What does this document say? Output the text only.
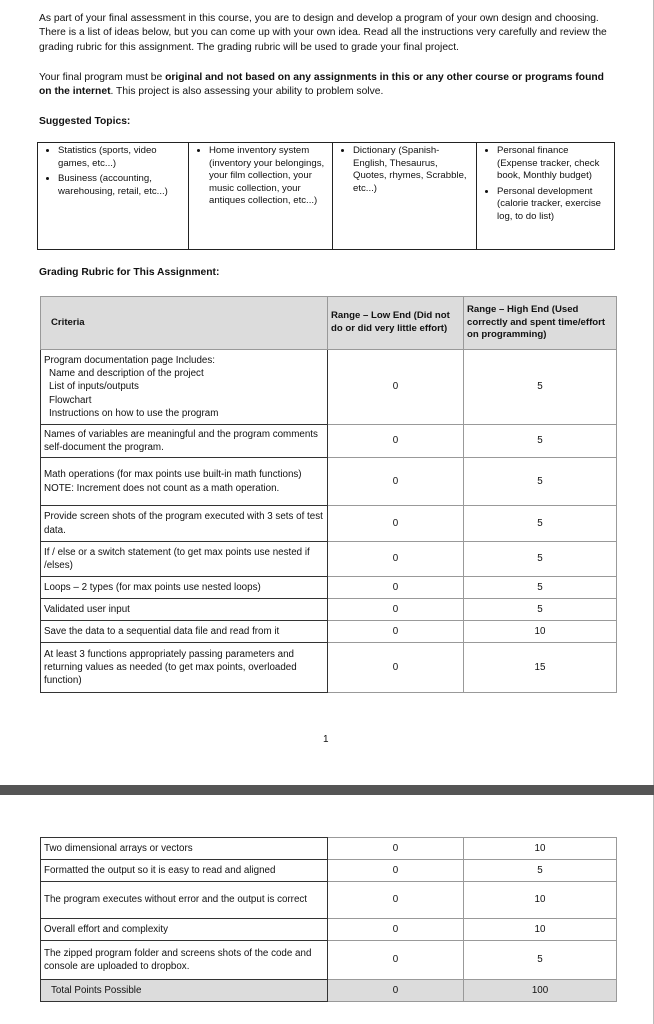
As part of your final assessment in this course, you are to design and develop a program of your own design and choosing. There is a list of ideas below, but you can come up with your own idea. Read all the instructions very carefully and review the grading rubric for this assignment. The grading rubric will be used to grade your final project.

Your final program must be original and not based on any assignments in this or any other course or programs found on the internet. This project is also assessing your ability to problem solve.

Suggested Topics:
• Statistics (sports, video games, etc...)
• Business (accounting, warehousing, retail, etc...)

• Home inventory system (inventory your belongings, your film collection, your music collection, your antiques collection, etc...)

• Dictionary (Spanish-English, Thesaurus, Quotes, rhymes, Scrabble, etc...)

• Personal finance (Expense tracker, check book, Monthly budget)
• Personal development (calorie tracker, exercise log, to do list)
Grading Rubric for This Assignment:
Criteria	Range – Low End (Did not do or did very little effort)	Range – High End (Used correctly and spent time/effort on programming)

Program documentation page Includes:
Name and description of the project
List of inputs/outputs
Flowchart
Instructions on how to use the program	0	5
Names of variables are meaningful and the program comments self-document the program.	0	5
Math operations (for max points use built-in math functions) NOTE: Increment does not count as a math operation.	0	5
Provide screen shots of the program executed with 3 sets of test data.	0	5
If / else or a switch statement (to get max points use nested if /elses)	0	5
Loops – 2 types (for max points use nested loops)	0	5
Validated user input	0	5
Save the data to a sequential data file and read from it	0	10
At least 3 functions appropriately passing parameters and returning values as needed (to get max points, overloaded function)	0	15
1
Two dimensional arrays or vectors	0	10
Formatted the output so it is easy to read and aligned	0	5
The program executes without error and the output is correct	0	10
Overall effort and complexity	0	10
The zipped program folder and screens shots of the code and console are uploaded to dropbox.	0	5
Total Points Possible	0	100
